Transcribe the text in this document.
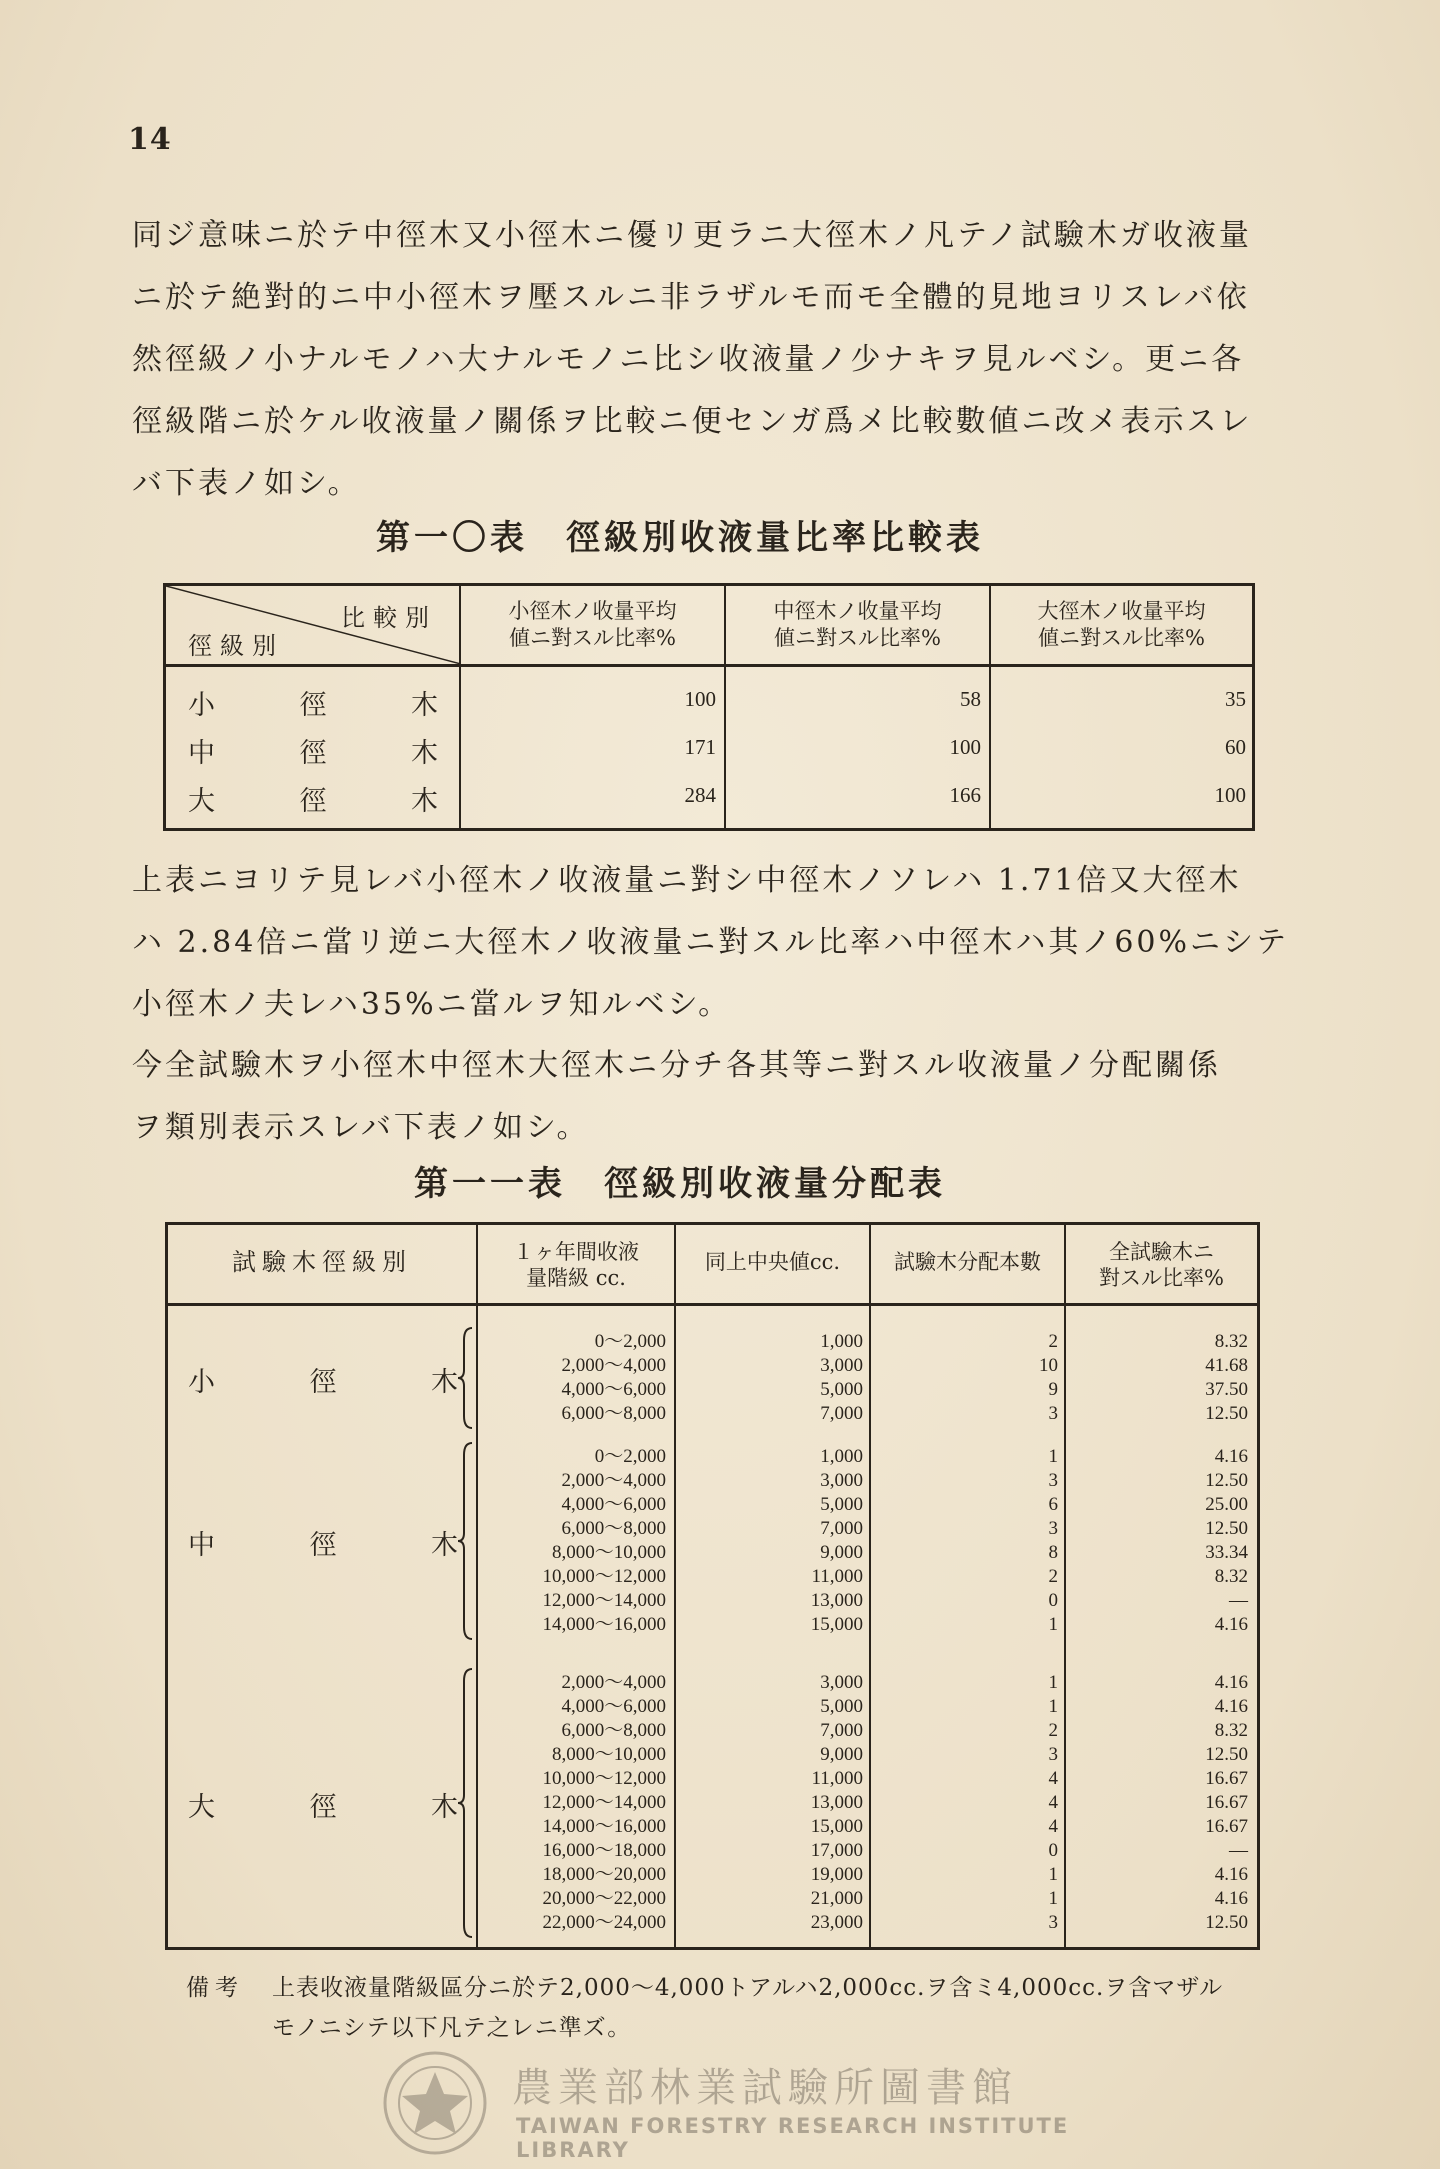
14

同ジ意味ニ於テ中徑木又小徑木ニ優リ更ラニ大徑木ノ凡テノ試驗木ガ收液量

ニ於テ絶對的ニ中小徑木ヲ壓スルニ非ラザルモ而モ全體的見地ヨリスレバ依

然徑級ノ小ナルモノハ大ナルモノニ比シ收液量ノ少ナキヲ見ルベシ。更ニ各

徑級階ニ於ケル收液量ノ關係ヲ比較ニ便センガ爲メ比較數値ニ改メ表示スレ

バ下表ノ如シ。

第一〇表　徑級別收液量比率比較表
比較別
徑級別
小徑木ノ收量平均
値ニ對スル比率%
中徑木ノ收量平均
値ニ對スル比率%
大徑木ノ收量平均
値ニ對スル比率%
小	徑	木	100	58	35
中	徑	木	171	100	60
大	徑	木	284	166	100

上表ニヨリテ見レバ小徑木ノ收液量ニ對シ中徑木ノソレハ 1.71倍又大徑木

ハ 2.84倍ニ當リ逆ニ大徑木ノ收液量ニ對スル比率ハ中徑木ハ其ノ60%ニシテ

小徑木ノ夫レハ35%ニ當ルヲ知ルベシ。

今全試驗木ヲ小徑木中徑木大徑木ニ分チ各其等ニ對スル收液量ノ分配關係

ヲ類別表示スレバ下表ノ如シ。

第一一表　徑級別收液量分配表
試驗木徑級別	１ヶ年間收液
量階級 cc.
同上中央値cc.	試驗木分配本數	全試驗木ニ
對スル比率%
小	徑	木
0～2,000	1,000	2	8.32
2,000～4,000	3,000	10	41.68
4,000～6,000	5,000	9	37.50
6,000～8,000	7,000	3	12.50
中	徑	木
0～2,000	1,000	1	4.16
2,000～4,000	3,000	3	12.50
4,000～6,000	5,000	6	25.00
6,000～8,000	7,000	3	12.50
8,000～10,000	9,000	8	33.34
10,000～12,000	11,000	2	8.32
12,000～14,000	13,000	0	—
14,000～16,000	15,000	1	4.16
大	徑	木
2,000～4,000	3,000	1	4.16
4,000～6,000	5,000	1	4.16
6,000～8,000	7,000	2	8.32
8,000～10,000	9,000	3	12.50
10,000～12,000	11,000	4	16.67
12,000～14,000	13,000	4	16.67
14,000～16,000	15,000	4	16.67
16,000～18,000	17,000	0	—
18,000～20,000	19,000	1	4.16
20,000～22,000	21,000	1	4.16
22,000～24,000	23,000	3	12.50
備考 上表收液量階級區分ニ於テ2,000～4,000トアルハ2,000cc.ヲ含ミ4,000cc.ヲ含マザル
モノニシテ以下凡テ之レニ準ズ。
農業部林業試驗所圖書館
TAIWAN FORESTRY RESEARCH INSTITUTE LIBRARY
